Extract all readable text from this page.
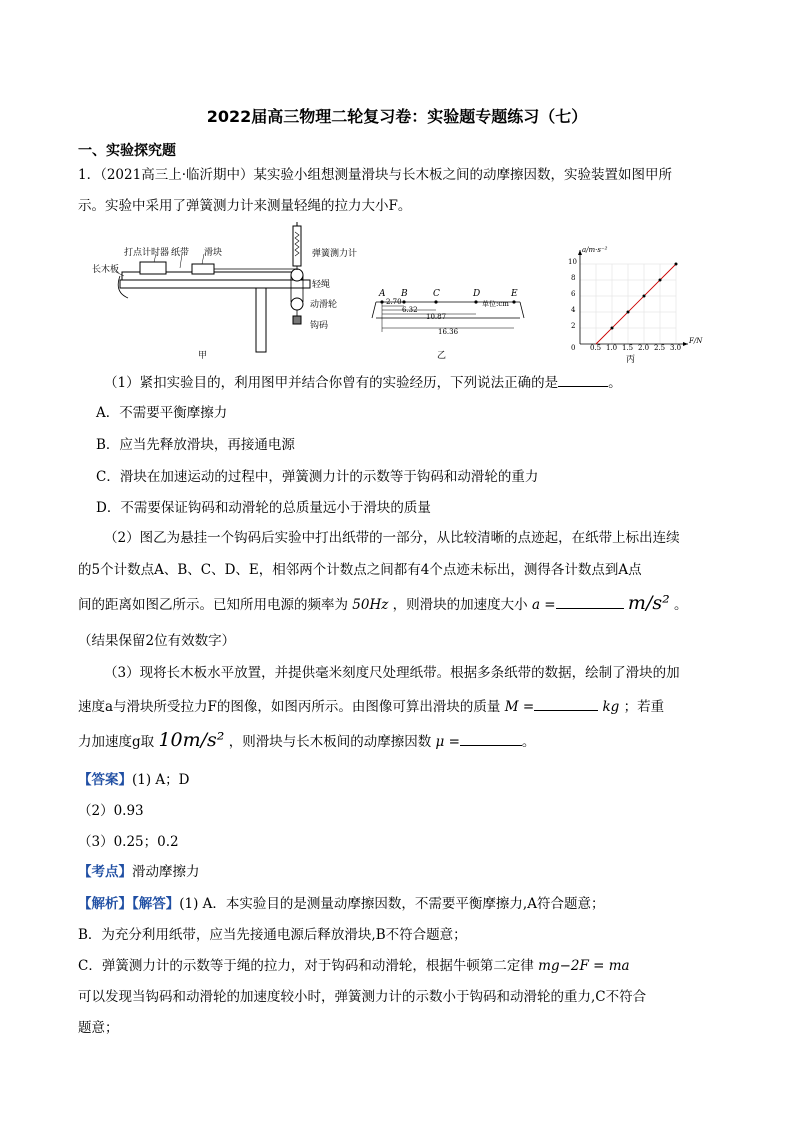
2022届高三物理二轮复习卷：实验题专题练习（七）
一、实验探究题
1．（2021高三上·临沂期中）某实验小组想测量滑块与长木板之间的动摩擦因数，实验装置如图甲所
示。实验中采用了弹簧测力计来测量轻绳的拉力大小F。
打点计时器 纸带 滑块
长木板
弹簧测力计
轻绳
动滑轮
钩码
甲
A B	C	D	E
单位:cm
2.70
6.32
10.87
16.36
乙
a/m·s⁻²
F/N
0 0.5 1.0 1.5 2.0 2.5 3.0
2
4
6
8
10
丙
（1）紧扣实验目的，利用图甲并结合你曾有的实验经历，下列说法正确的是	。
A．不需要平衡摩擦力
B．应当先释放滑块，再接通电源
C．滑块在加速运动的过程中，弹簧测力计的示数等于钩码和动滑轮的重力
D．不需要保证钩码和动滑轮的总质量远小于滑块的质量
（2）图乙为悬挂一个钩码后实验中打出纸带的一部分，从比较清晰的点迹起，在纸带上标出连续
的5个计数点A、B、C、D、E，相邻两个计数点之间都有4个点迹未标出，测得各计数点到A点
间的距离如图乙所示。已知所用电源的频率为 50Hz ，则滑块的加速度大小 a =	m/s² 。
（结果保留2位有效数字）
（3）现将长木板水平放置，并提供毫米刻度尺处理纸带。根据多条纸带的数据，绘制了滑块的加
速度a与滑块所受拉力F的图像，如图丙所示。由图像可算出滑块的质量 M =	kg ；若重
力加速度g取 10m/s² ，则滑块与长木板间的动摩擦因数 μ =	。
【答案】(1) A；D
（2）0.93
（3）0.25；0.2
【考点】滑动摩擦力
【解析】【解答】(1) A．本实验目的是测量动摩擦因数，不需要平衡摩擦力,A符合题意；
B．为充分利用纸带，应当先接通电源后释放滑块,B不符合题意；
C．弹簧测力计的示数等于绳的拉力，对于钩码和动滑轮，根据牛顿第二定律 mg−2F = ma
可以发现当钩码和动滑轮的加速度较小时，弹簧测力计的示数小于钩码和动滑轮的重力,C不符合
题意；
